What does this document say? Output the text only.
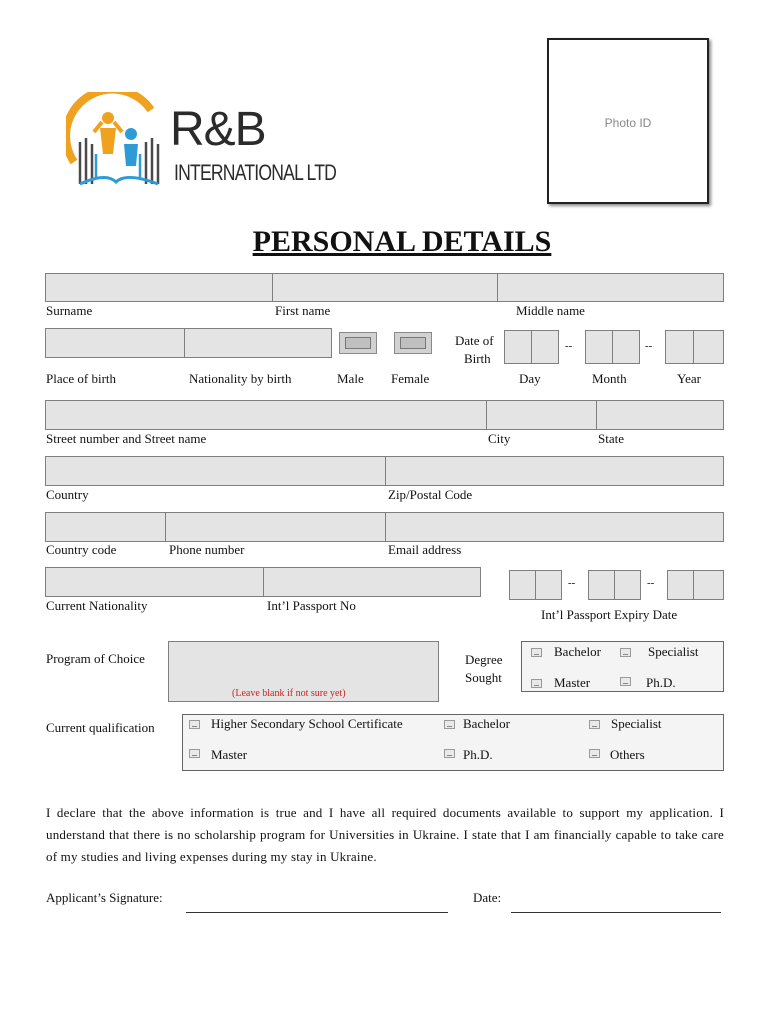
R&B
INTERNATIONAL LTD
Photo ID
PERSONAL DETAILS
Surname	First name	Middle name
Date of
Birth
--	--
Place of birth	Nationality by birth	Male Female	Day	Month	Year
Street number and Street name	City	State
Country	Zip/Postal Code
Country code	Phone number	Email address
--	--
Current Nationality	Int’l Passport No
Int’l Passport Expiry Date
Program of Choice
(Leave blank if not sure yet)
Degree
Sought
Bachelor	Specialist
Master	Ph.D.
Current qualification	Higher Secondary School Certificate	Bachelor	Specialist
Master	Ph.D.	Others
I declare that the above information is true and I have all required documents available to support my application. I understand that there is no scholarship program for Universities in Ukraine. I state that I am financially capable to take care of my studies and living expenses during my stay in Ukraine.
Applicant’s Signature:	Date:
